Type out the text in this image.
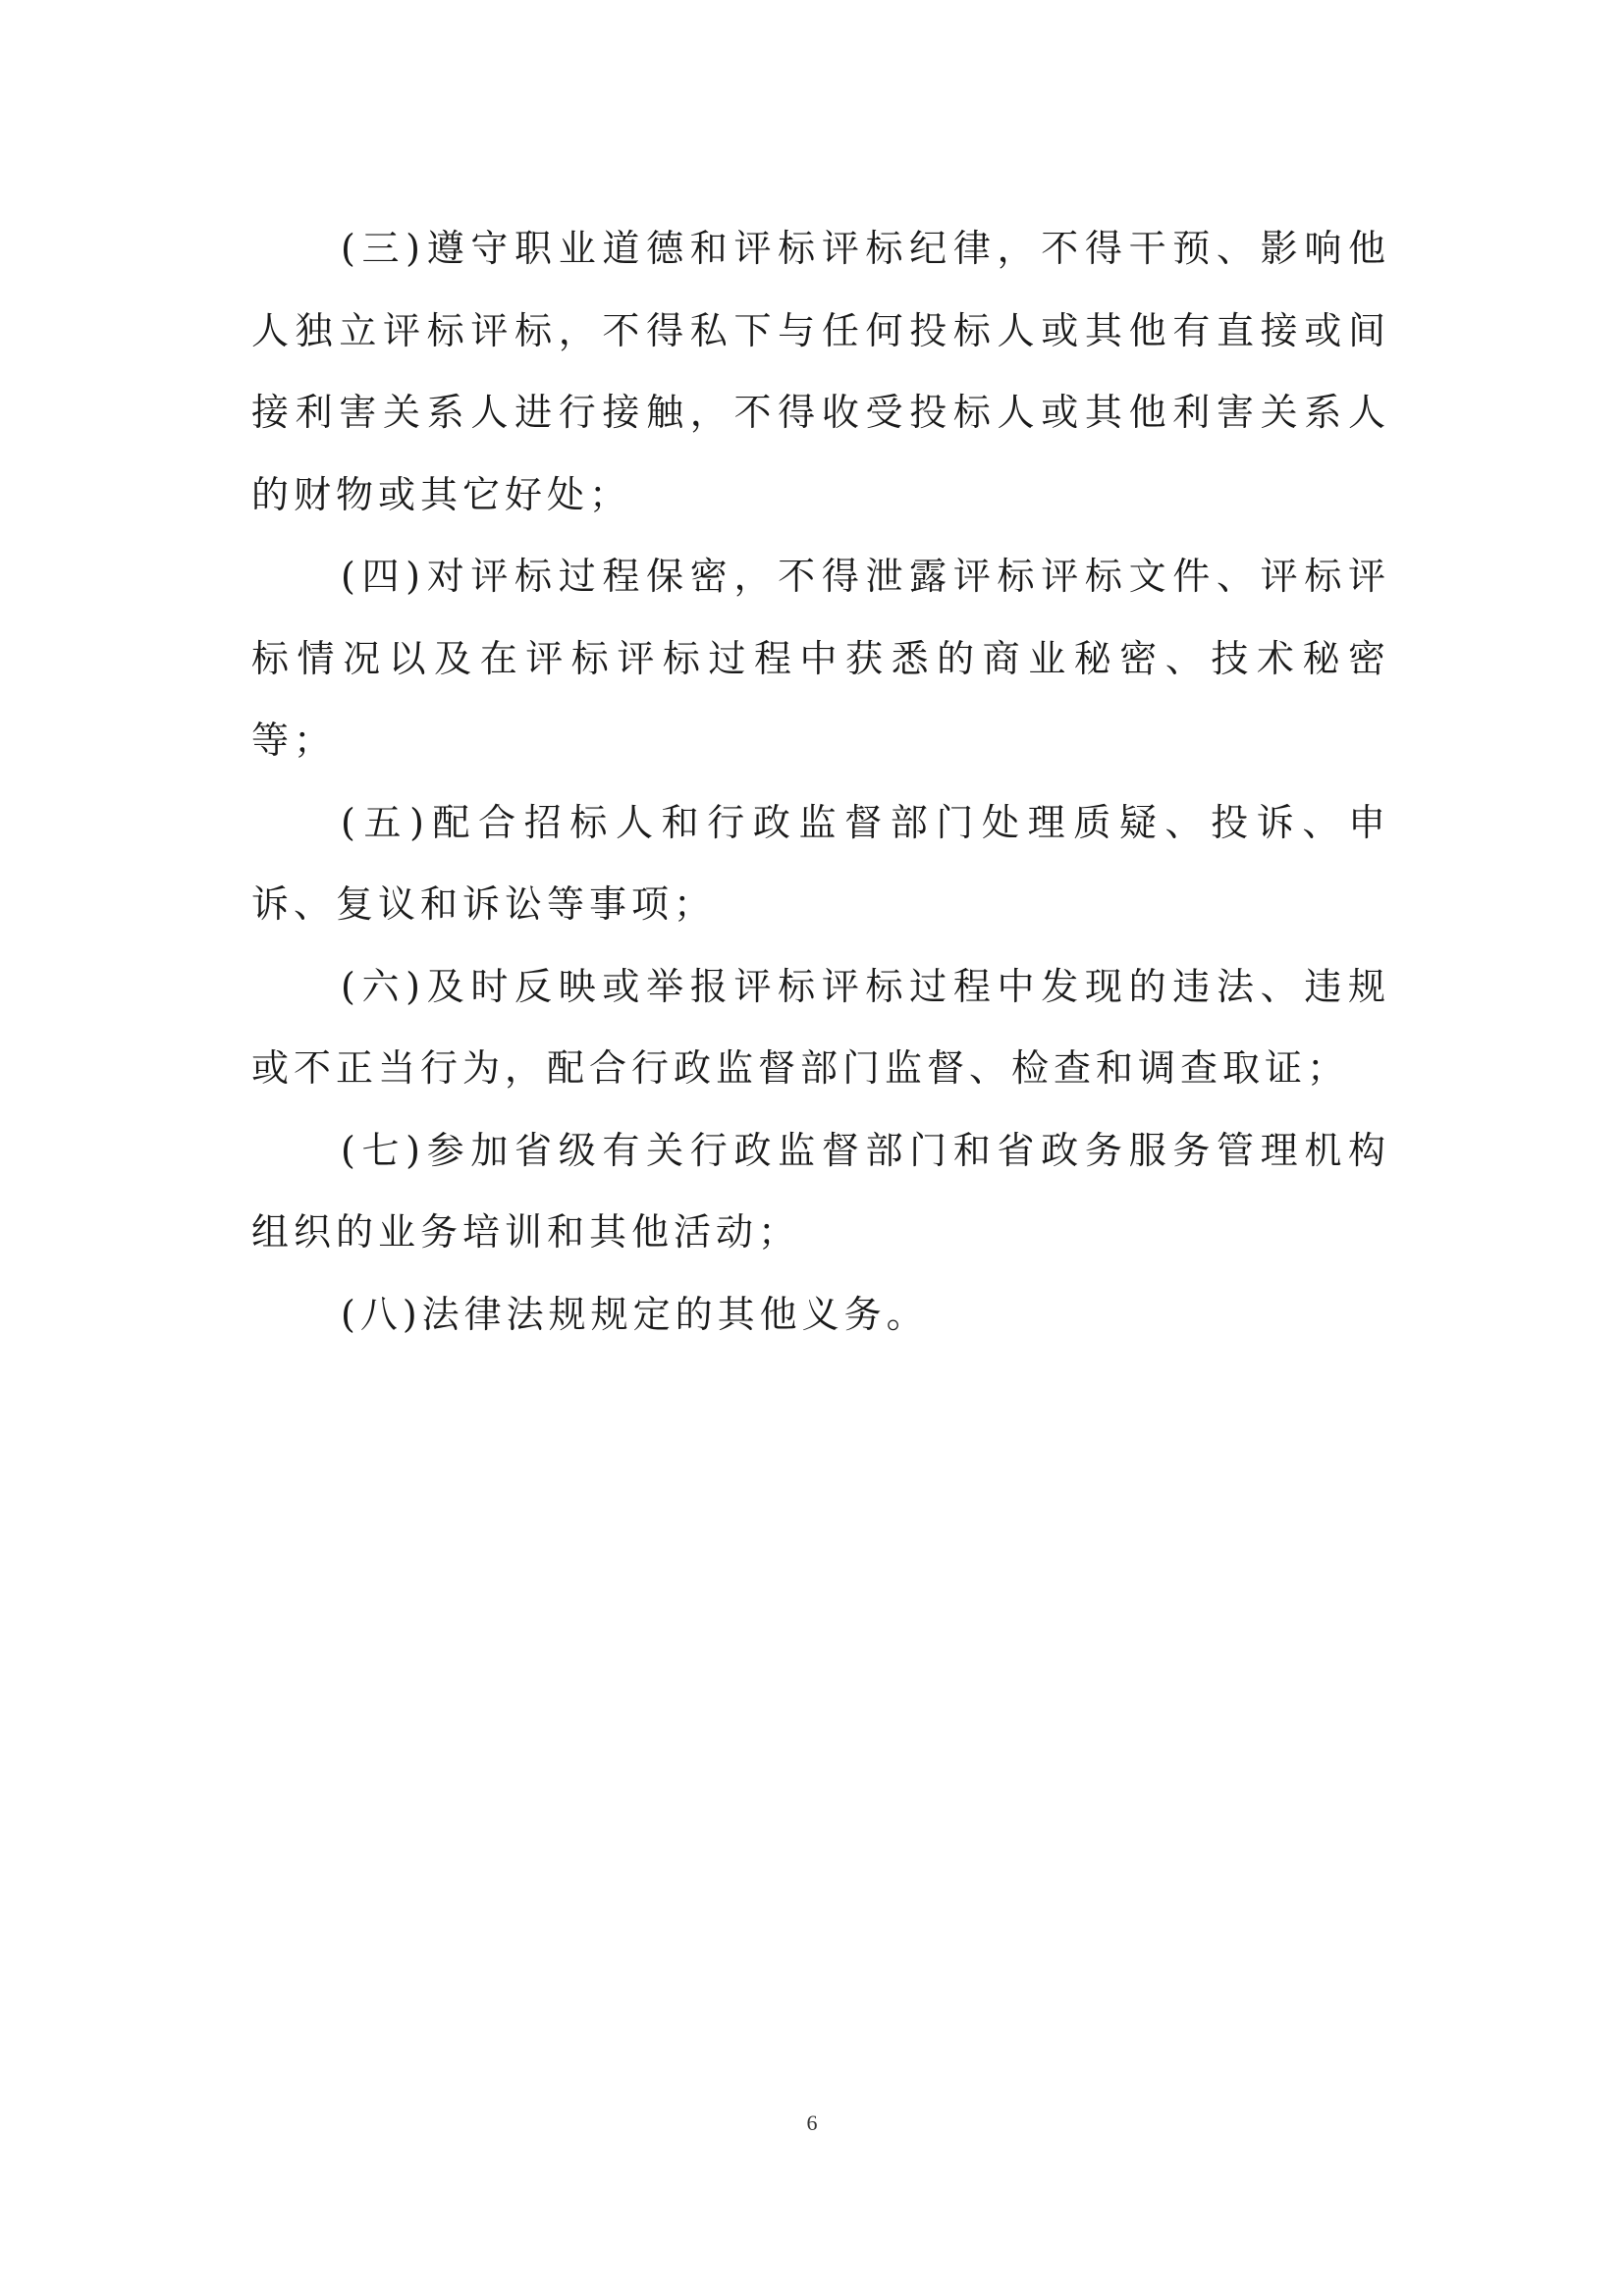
(三)遵守职业道德和评标评标纪律，不得干预、影响他人独立评标评标，不得私下与任何投标人或其他有直接或间接利害关系人进行接触，不得收受投标人或其他利害关系人的财物或其它好处；

(四)对评标过程保密，不得泄露评标评标文件、评标评标情况以及在评标评标过程中获悉的商业秘密、技术秘密等；

(五)配合招标人和行政监督部门处理质疑、投诉、申诉、复议和诉讼等事项；

(六)及时反映或举报评标评标过程中发现的违法、违规或不正当行为，配合行政监督部门监督、检查和调查取证；

(七)参加省级有关行政监督部门和省政务服务管理机构组织的业务培训和其他活动；

(八)法律法规规定的其他义务。

6
